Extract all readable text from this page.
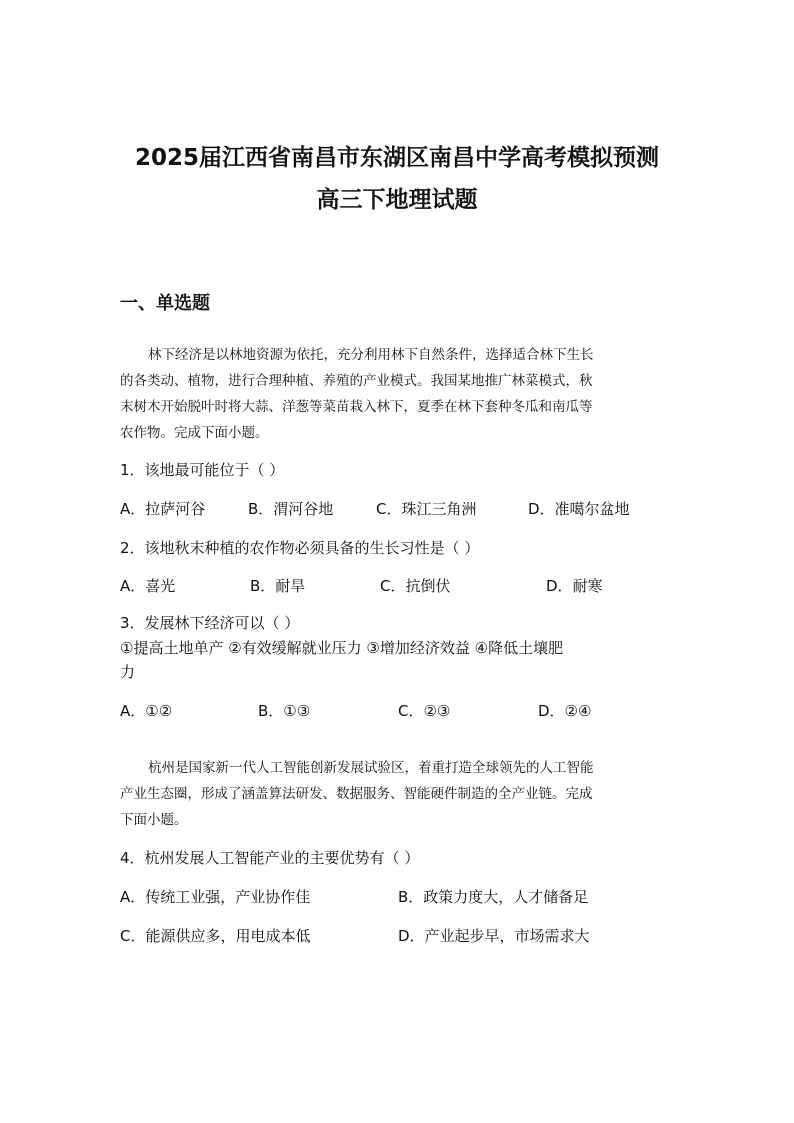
2025届江西省南昌市东湖区南昌中学高考模拟预测
高三下地理试题
一、单选题
林下经济是以林地资源为依托，充分利用林下自然条件，选择适合林下生长
的各类动、植物，进行合理种植、养殖的产业模式。我国某地推广林菜模式，秋
末树木开始脱叶时将大蒜、洋葱等菜苗栽入林下，夏季在林下套种冬瓜和南瓜等
农作物。完成下面小题。
1．该地最可能位于（ ）
A．拉萨河谷	B．渭河谷地	C．珠江三角洲	D．准噶尔盆地
2．该地秋末种植的农作物必须具备的生长习性是（ ）
A．喜光	B．耐旱	C．抗倒伏	D．耐寒
3．发展林下经济可以（ ）
①提高土地单产 ②有效缓解就业压力 ③增加经济效益 ④降低土壤肥
力
A．①②	B．①③	C．②③	D．②④
杭州是国家新一代人工智能创新发展试验区，着重打造全球领先的人工智能
产业生态圈，形成了涵盖算法研发、数据服务、智能硬件制造的全产业链。完成
下面小题。
4．杭州发展人工智能产业的主要优势有（ ）
A．传统工业强，产业协作佳	B．政策力度大，人才储备足
C．能源供应多，用电成本低	D．产业起步早，市场需求大
